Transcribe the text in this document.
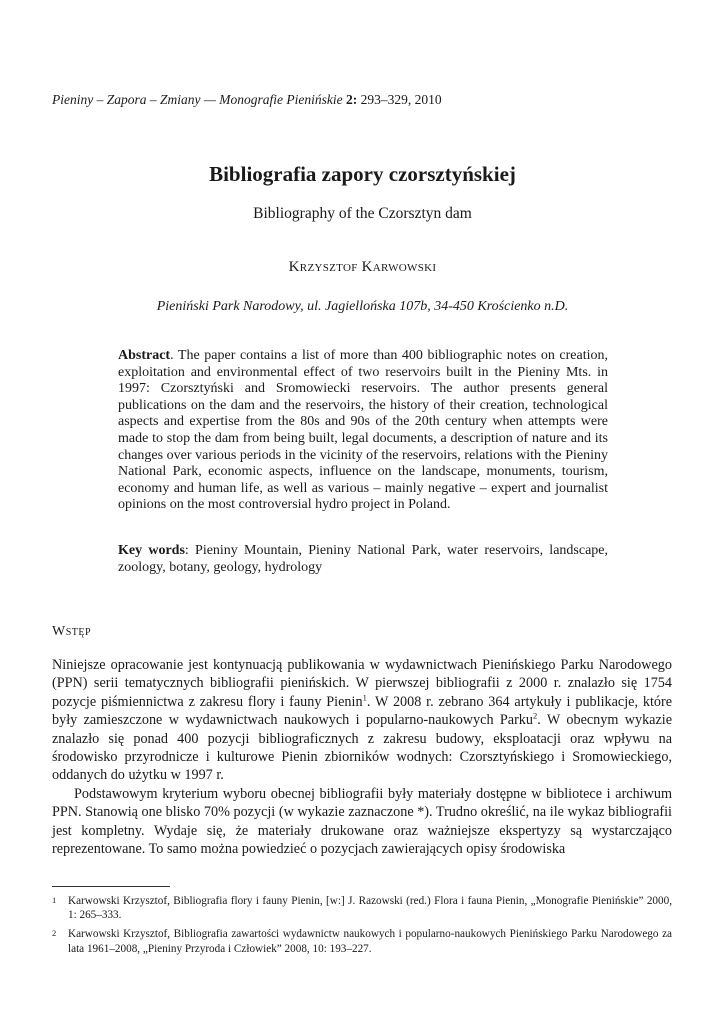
Pieniny – Zapora – Zmiany — Monografie Pienińskie 2: 293–329, 2010
Bibliografia zapory czorsztyńskiej
Bibliography of the Czorsztyn dam
Krzysztof Karwowski
Pieniński Park Narodowy, ul. Jagiellońska 107b, 34-450 Krościenko n.D.
Abstract. The paper contains a list of more than 400 bibliographic notes on creation, exploitation and environmental effect of two reservoirs built in the Pieniny Mts. in 1997: Czorsztyński and Sromowiecki reservoirs. The author presents general publications on the dam and the reservoirs, the history of their creation, technological aspects and expertise from the 80s and 90s of the 20th century when attempts were made to stop the dam from being built, legal documents, a description of nature and its changes over various periods in the vicinity of the reservoirs, relations with the Pieniny National Park, economic aspects, influence on the landscape, monuments, tourism, economy and human life, as well as various – mainly negative – expert and journalist opinions on the most controversial hydro project in Poland.
Key words: Pieniny Mountain, Pieniny National Park, water reservoirs, landscape, zoology, botany, geology, hydrology
Wstęp

Niniejsze opracowanie jest kontynuacją publikowania w wydawnictwach Pienińskiego Parku Narodowego (PPN) serii tematycznych bibliografii pienińskich. W pierwszej bibliografii z 2000 r. znalazło się 1754 pozycje piśmiennictwa z zakresu flory i fauny Pienin$^1$. W 2008 r. zebrano 364 artykuły i publikacje, które były zamieszczone w wydawnictwach naukowych i popularno-naukowych Parku$^2$. W obecnym wykazie znalazło się ponad 400 pozycji bibliograficznych z zakresu budowy, eksploatacji oraz wpływu na środowisko przyrodnicze i kulturowe Pienin zbiorników wodnych: Czorsztyńskiego i Sromowieckiego, oddanych do użytku w 1997 r.

Podstawowym kryterium wyboru obecnej bibliografii były materiały dostępne w bibliotece i archiwum PPN. Stanowią one blisko 70% pozycji (w wykazie zaznaczone *). Trudno określić, na ile wykaz bibliografii jest kompletny. Wydaje się, że materiały drukowane oraz ważniejsze ekspertyzy są wystarczająco reprezentowane. To samo można powiedzieć o pozycjach zawierających opisy środowiska

1 Karwowski Krzysztof, Bibliografia flory i fauny Pienin, [w:] J. Razowski (red.) Flora i fauna Pienin, „Monografie Pienińskie” 2000, 1: 265–333.
2 Karwowski Krzysztof, Bibliografia zawartości wydawnictw naukowych i popularno-naukowych Pienińskiego Parku Narodowego za lata 1961–2008, „Pieniny Przyroda i Człowiek” 2008, 10: 193–227.
